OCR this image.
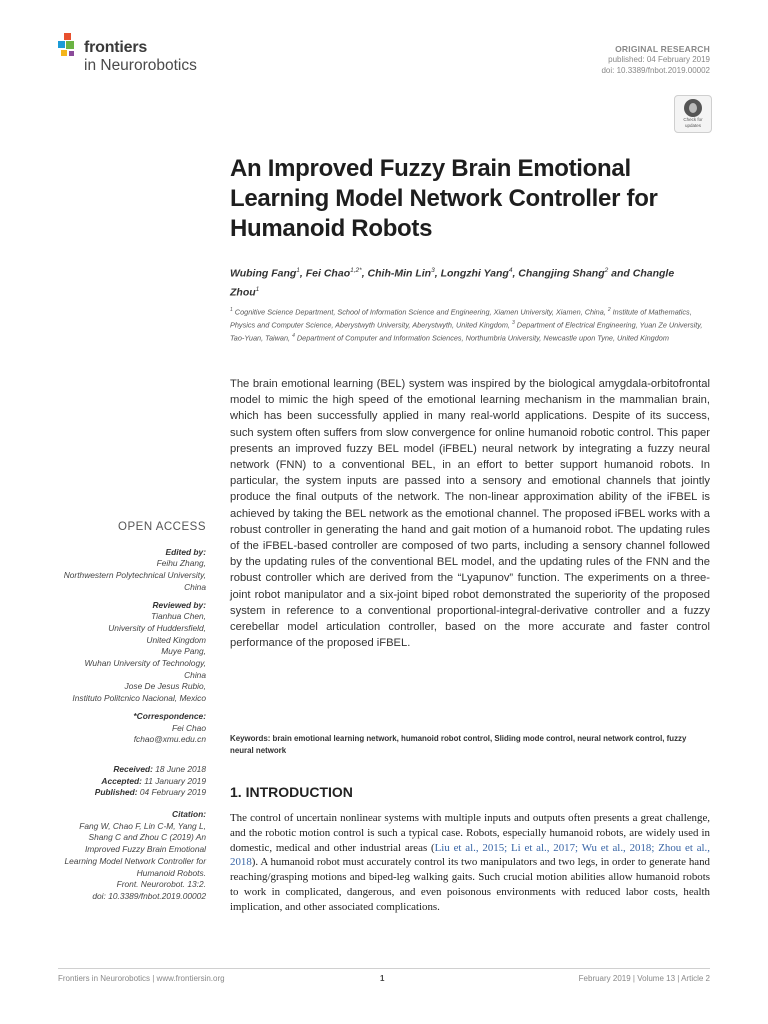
frontiers
in Neurorobotics
ORIGINAL RESEARCH
published: 04 February 2019
doi: 10.3389/fnbot.2019.00002
Check for updates
An Improved Fuzzy Brain Emotional Learning Model Network Controller for Humanoid Robots
Wubing Fang$^1$, Fei Chao$^{1,2*}$, Chih-Min Lin$^3$, Longzhi Yang$^4$, Changjing Shang$^2$ and Changle Zhou$^1$
$^1$ Cognitive Science Department, School of Information Science and Engineering, Xiamen University, Xiamen, China, $^2$ Institute of Mathematics, Physics and Computer Science, Aberystwyth University, Aberystwyth, United Kingdom, $^3$ Department of Electrical Engineering, Yuan Ze University, Tao-Yuan, Taiwan, $^4$ Department of Computer and Information Sciences, Northumbria University, Newcastle upon Tyne, United Kingdom
The brain emotional learning (BEL) system was inspired by the biological amygdala-orbitofrontal model to mimic the high speed of the emotional learning mechanism in the mammalian brain, which has been successfully applied in many real-world applications. Despite of its success, such system often suffers from slow convergence for online humanoid robotic control. This paper presents an improved fuzzy BEL model (iFBEL) neural network by integrating a fuzzy neural network (FNN) to a conventional BEL, in an effort to better support humanoid robots. In particular, the system inputs are passed into a sensory and emotional channels that jointly produce the final outputs of the network. The non-linear approximation ability of the iFBEL is achieved by taking the BEL network as the emotional channel. The proposed iFBEL works with a robust controller in generating the hand and gait motion of a humanoid robot. The updating rules of the iFBEL-based controller are composed of two parts, including a sensory channel followed by the updating rules of the conventional BEL model, and the updating rules of the FNN and the robust controller which are derived from the “Lyapunov” function. The experiments on a three-joint robot manipulator and a six-joint biped robot demonstrated the superiority of the proposed system in reference to a conventional proportional-integral-derivative controller and a fuzzy cerebellar model articulation controller, based on the more accurate and faster control performance of the proposed iFBEL.
Keywords: brain emotional learning network, humanoid robot control, Sliding mode control, neural network control, fuzzy neural network
1. INTRODUCTION
The control of uncertain nonlinear systems with multiple inputs and outputs often presents a great challenge, and the robotic motion control is such a typical case. Robots, especially humanoid robots, are widely used in domestic, medical and other industrial areas (Liu et al., 2015; Li et al., 2017; Wu et al., 2018; Zhou et al., 2018). A humanoid robot must accurately control its two manipulators and two legs, in order to generate hand reaching/grasping motions and biped-leg walking gaits. Such crucial motion abilities allow humanoid robots to work in complicated, dangerous, and even poisonous environments with reduced labor costs, health implication, and other associated complications.
OPEN ACCESS
Edited by:
Feihu Zhang,
Northwestern Polytechnical University,
China
Reviewed by:
Tianhua Chen,
University of Huddersfield,
United Kingdom
Muye Pang,
Wuhan University of Technology,
China
Jose De Jesus Rubio,
Instituto Politcnico Nacional, Mexico
*Correspondence:
Fei Chao
fchao@xmu.edu.cn
Received: 18 June 2018
Accepted: 11 January 2019
Published: 04 February 2019
Citation:
Fang W, Chao F, Lin C-M, Yang L,
Shang C and Zhou C (2019) An
Improved Fuzzy Brain Emotional
Learning Model Network Controller for
Humanoid Robots.
Front. Neurorobot. 13:2.
doi: 10.3389/fnbot.2019.00002
Frontiers in Neurorobotics | www.frontiersin.org	1	February 2019 | Volume 13 | Article 2
